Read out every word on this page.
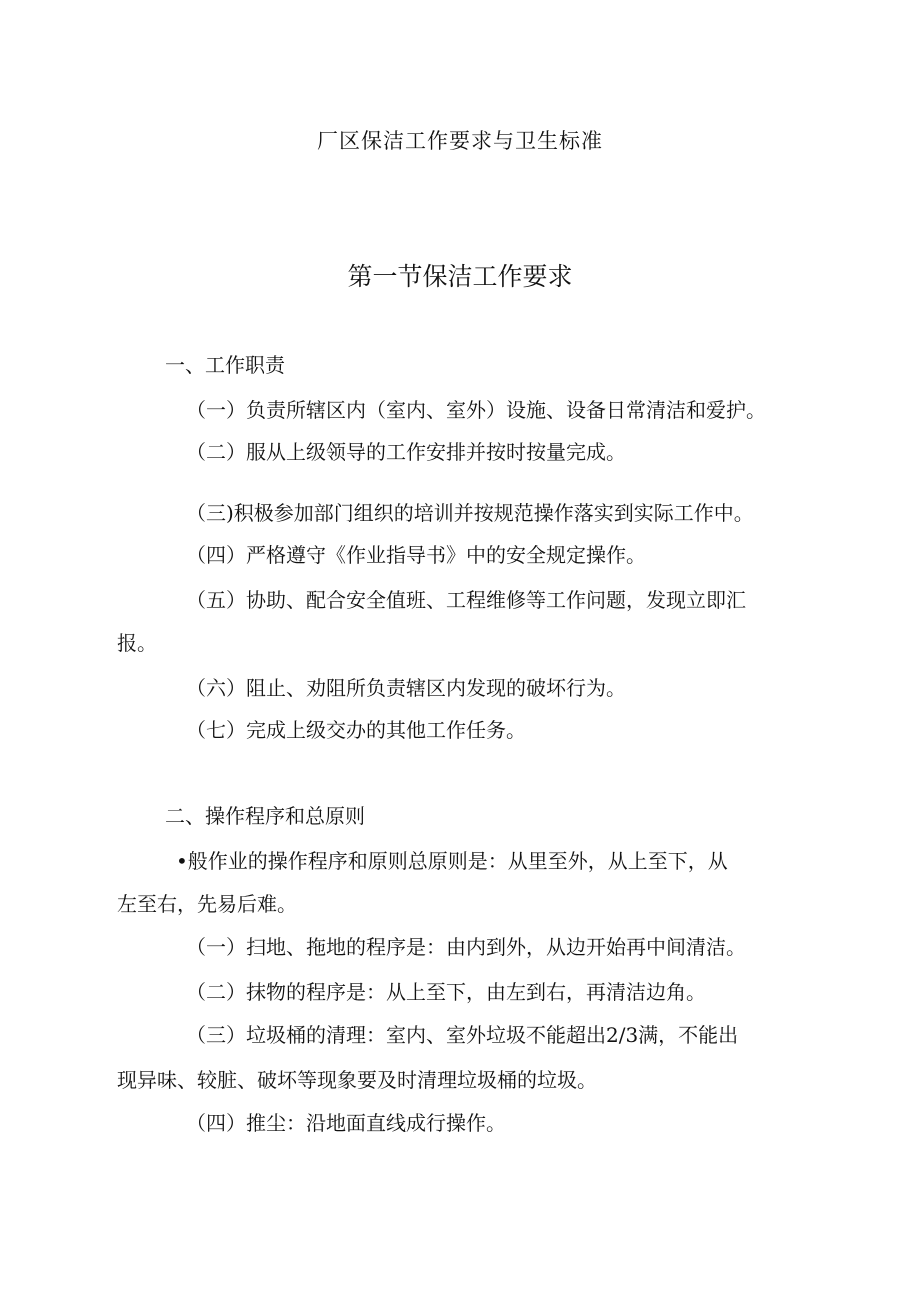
厂区保洁工作要求与卫生标准
第一节保洁工作要求
一、工作职责
（一）负责所辖区内（室内、室外）设施、设备日常清洁和爱护。
（二）服从上级领导的工作安排并按时按量完成。
（三)积极参加部门组织的培训并按规范操作落实到实际工作中。
（四）严格遵守《作业指导书》中的安全规定操作。
（五）协助、配合安全值班、工程维修等工作问题，发现立即汇
报。
（六）阻止、劝阻所负责辖区内发现的破坏行为。
（七）完成上级交办的其他工作任务。
二、操作程序和总原则
•般作业的操作程序和原则总原则是：从里至外，从上至下，从
左至右，先易后难。
（一）扫地、拖地的程序是：由内到外，从边开始再中间清洁。
（二）抹物的程序是：从上至下，由左到右，再清洁边角。
（三）垃圾桶的清理：室内、室外垃圾不能超出2/3满，不能出
现异味、较脏、破坏等现象要及时清理垃圾桶的垃圾。
（四）推尘：沿地面直线成行操作。
